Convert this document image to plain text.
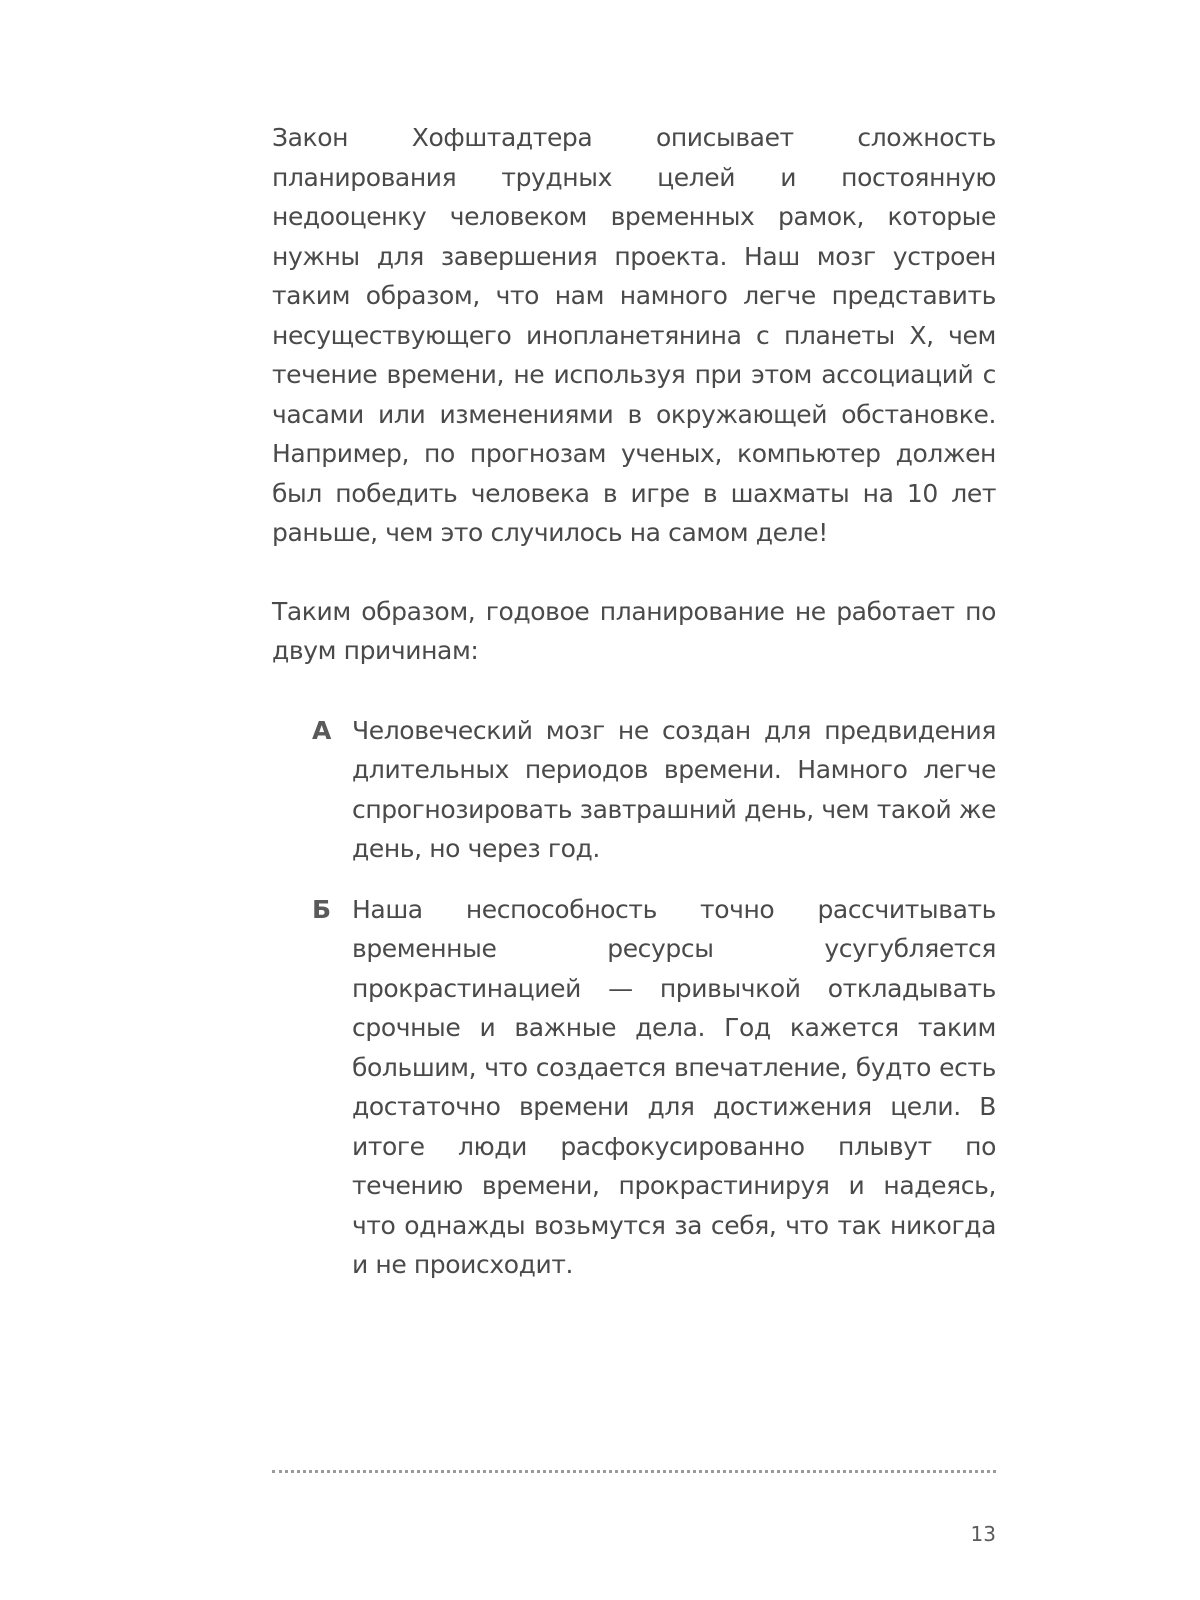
Закон Хофштадтера описывает сложность планирования трудных целей и постоянную недооценку человеком временных рамок, которые нужны для завершения проекта. Наш мозг устроен таким образом, что нам намного легче представить несуществующего инопланетянина с планеты Х, чем течение времени, не используя при этом ассоциаций с часами или изменениями в окружающей обстановке. Например, по прогнозам ученых, компьютер должен был победить человека в игре в шахматы на 10 лет раньше, чем это случилось на самом деле!

Таким образом, годовое планирование не работает по двум причинам:

А Человеческий мозг не создан для предвидения длительных периодов времени. Намного легче спрогнозировать завтрашний день, чем такой же день, но через год.
Б Наша неспособность точно рассчитывать временные ресурсы усугубляется прокрастинацией — привычкой откладывать срочные и важные дела. Год кажется таким большим, что создается впечатление, будто есть достаточно времени для достижения цели. В итоге люди расфокусированно плывут по течению времени, прокрастинируя и надеясь, что однажды возьмутся за себя, что так никогда и не происходит.
13
